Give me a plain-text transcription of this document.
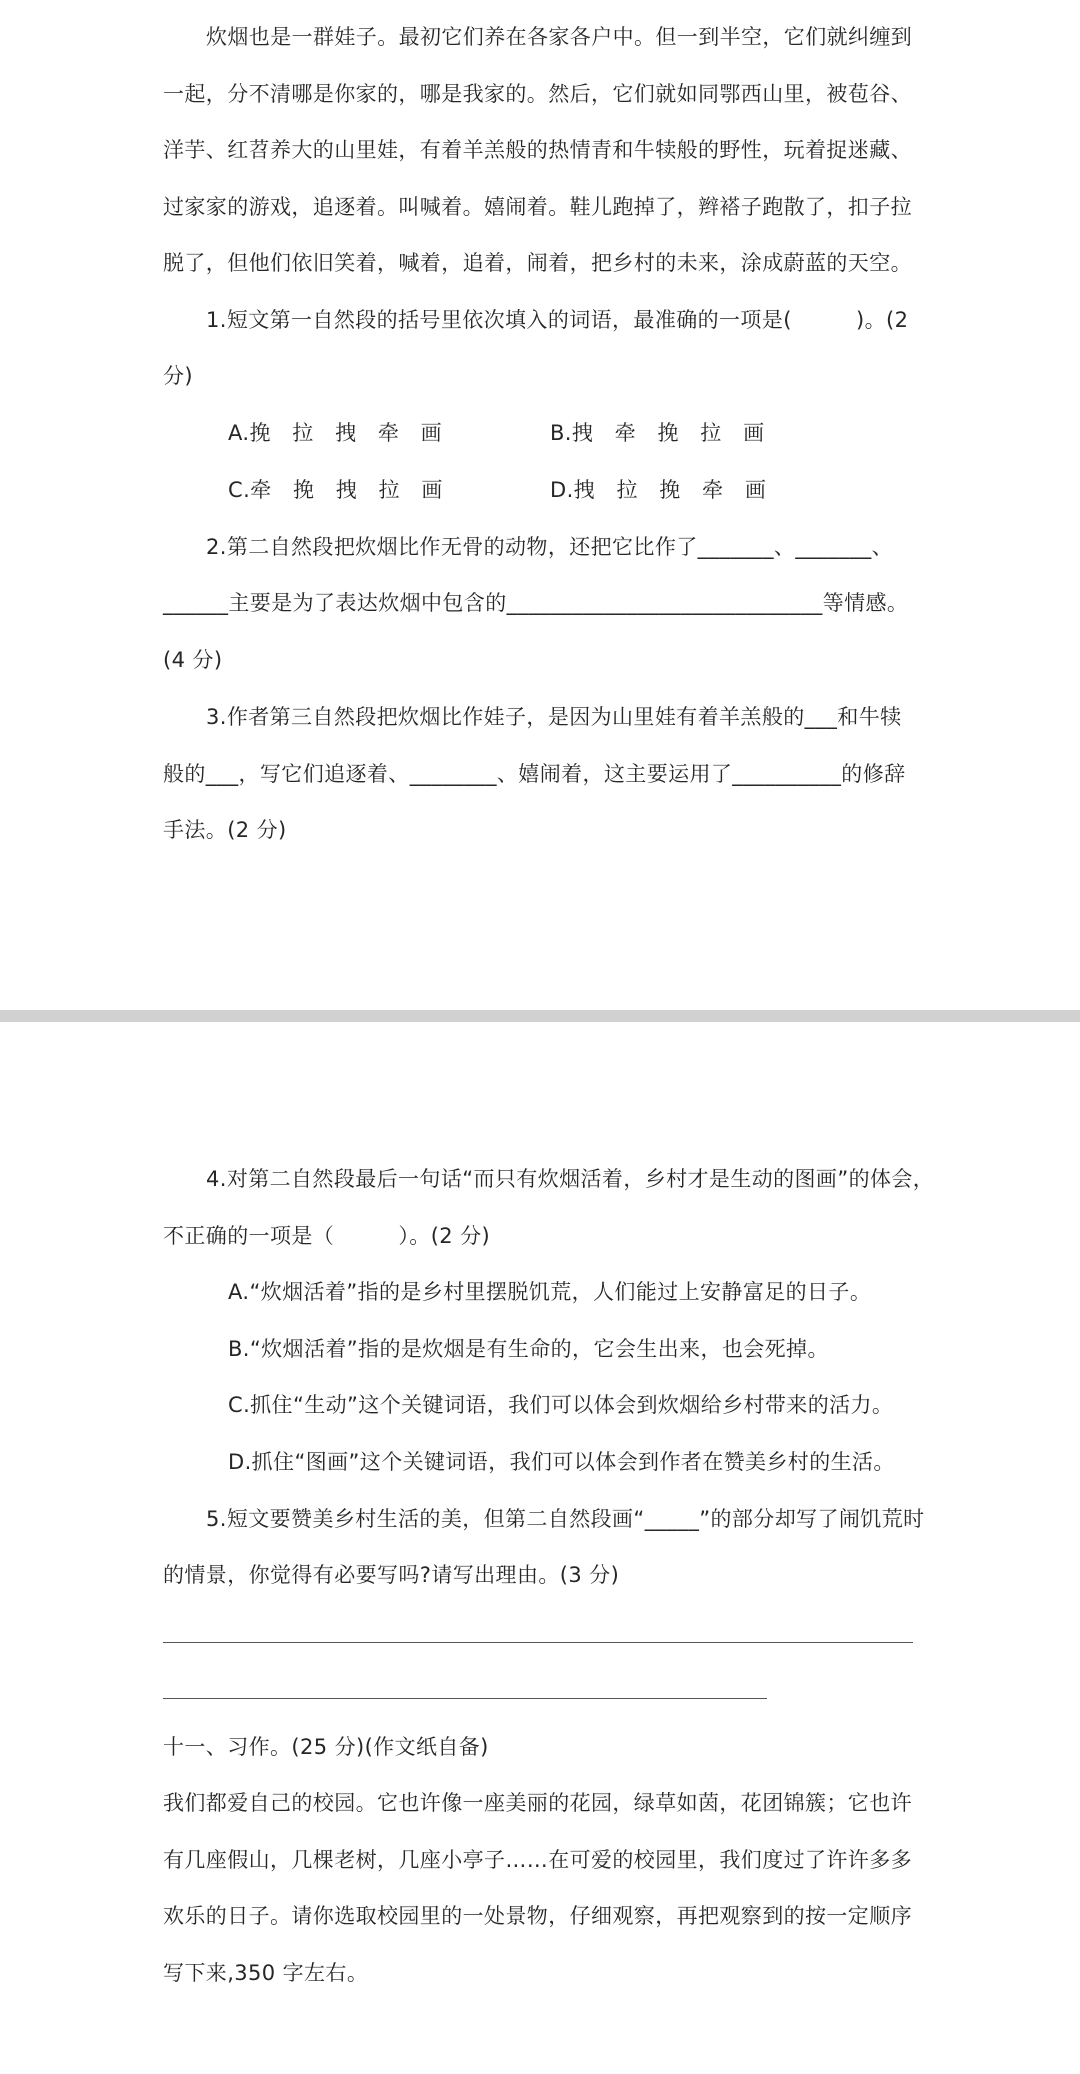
炊烟也是一群娃子。最初它们养在各家各户中。但一到半空，它们就纠缠到
一起，分不清哪是你家的，哪是我家的。然后，它们就如同鄂西山里，被苞谷、
洋芋、红苕养大的山里娃，有着羊羔般的热情青和牛犊般的野性，玩着捉迷藏、
过家家的游戏，追逐着。叫喊着。嬉闹着。鞋儿跑掉了，辫褡子跑散了，扣子拉
脱了，但他们依旧笑着，喊着，追着，闹着，把乡村的未来，涂成蔚蓝的天空。
1.短文第一自然段的括号里依次填入的词语，最准确的一项是(　　　)。(2
分)
A.挽　拉　拽　牵　画	B.拽　牵　挽　拉　画
C.牵　挽　拽　拉　画	D.拽　拉　挽　牵　画
2.第二自然段把炊烟比作无骨的动物，还把它比作了_______、_______、
______主要是为了表达炊烟中包含的_____________________________等情感。
(4 分)
3.作者第三自然段把炊烟比作娃子，是因为山里娃有着羊羔般的___和牛犊
般的___，写它们追逐着、________、嬉闹着，这主要运用了__________的修辞
手法。(2 分)
4.对第二自然段最后一句话“而只有炊烟活着，乡村才是生动的图画”的体会，
不正确的一项是（　　　）。(2 分)
A.“炊烟活着”指的是乡村里摆脱饥荒，人们能过上安静富足的日子。
B.“炊烟活着”指的是炊烟是有生命的，它会生出来，也会死掉。
C.抓住“生动”这个关键词语，我们可以体会到炊烟给乡村带来的活力。
D.抓住“图画”这个关键词语，我们可以体会到作者在赞美乡村的生活。
5.短文要赞美乡村生活的美，但第二自然段画“_____”的部分却写了闹饥荒时
的情景，你觉得有必要写吗?请写出理由。(3 分)
十一、习作。(25 分)(作文纸自备)
我们都爱自己的校园。它也许像一座美丽的花园，绿草如茵，花团锦簇；它也许
有几座假山，几棵老树，几座小亭子……在可爱的校园里，我们度过了许许多多
欢乐的日子。请你选取校园里的一处景物，仔细观察，再把观察到的按一定顺序
写下来,350 字左右。
